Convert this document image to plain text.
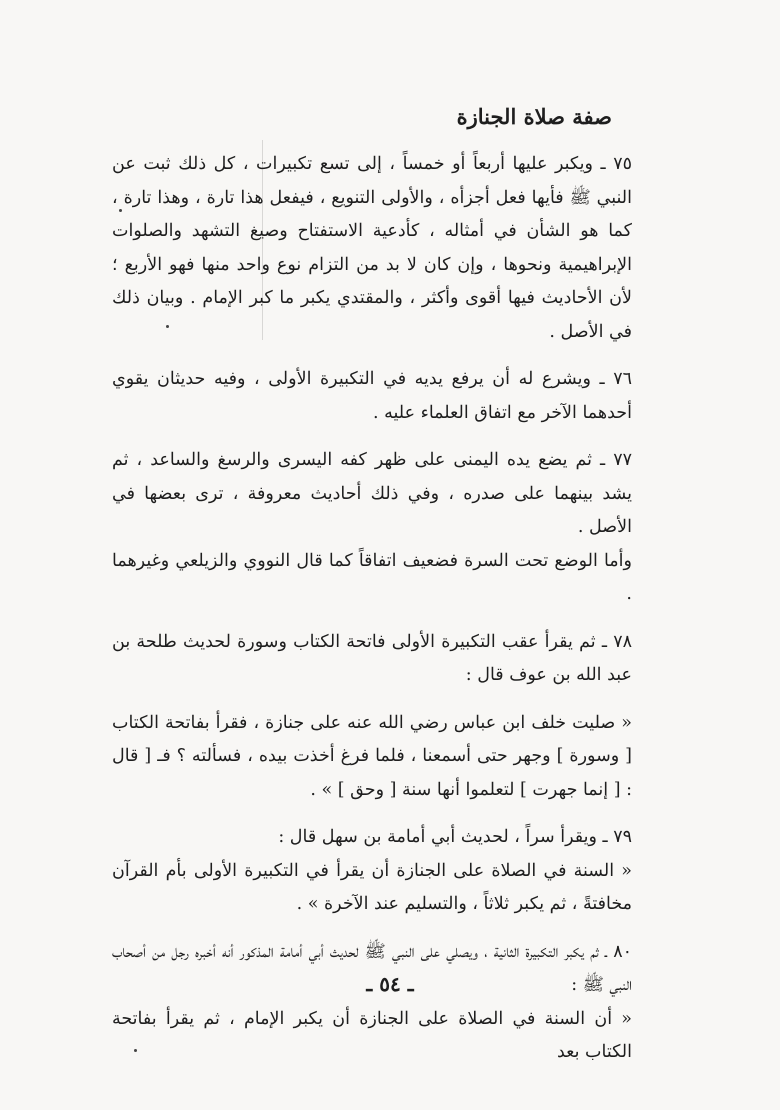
صفة صلاة الجنازة

٧٥ ـ ويكبر عليها أربعاً أو خمساً ، إلى تسع تكبيرات ، كل ذلك ثبت عن النبي ﷺ فأيها فعل أجزأه ، والأولى التنويع ، فيفعل هذا تارة ، وهذا تارة ، كما هو الشأن في أمثاله ، كأدعية الاستفتاح وصيغ التشهد والصلوات الإبراهيمية ونحوها ، وإن كان لا بد من التزام نوع واحد منها فهو الأربع ؛ لأن الأحاديث فيها أقوى وأكثر ، والمقتدي يكبر ما كبر الإمام . وبيان ذلك في الأصل .

٧٦ ـ ويشرع له أن يرفع يديه في التكبيرة الأولى ، وفيه حديثان يقوي أحدهما الآخر مع اتفاق العلماء عليه .

٧٧ ـ ثم يضع يده اليمنى على ظهر كفه اليسرى والرسغ والساعد ، ثم يشد بينهما على صدره ، وفي ذلك أحاديث معروفة ، ترى بعضها في الأصل .

وأما الوضع تحت السرة فضعيف اتفاقاً كما قال النووي والزيلعي وغيرهما .

٧٨ ـ ثم يقرأ عقب التكبيرة الأولى فاتحة الكتاب وسورة لحديث طلحة بن عبد الله بن عوف قال :

« صليت خلف ابن عباس رضي الله عنه على جنازة ، فقرأ بفاتحة الكتاب [ وسورة ] وجهر حتى أسمعنا ، فلما فرغ أخذت بيده ، فسألته ؟ فـ [ قال : [ إنما جهرت ] لتعلموا أنها سنة [ وحق ] » .

٧٩ ـ ويقرأ سراً ، لحديث أبي أمامة بن سهل قال :

« السنة في الصلاة على الجنازة أن يقرأ في التكبيرة الأولى بأم القرآن مخافتةً ، ثم يكبر ثلاثاً ، والتسليم عند الآخرة » .

٨٠ ـ ثم يكبر التكبيرة الثانية ، ويصلي على النبي ﷺ لحديث أبي أمامة المذكور أنه أخبره رجل من أصحاب النبي ﷺ :

« أن السنة في الصلاة على الجنازة أن يكبر الإمام ، ثم يقرأ بفاتحة الكتاب بعد

ـ ٥٤ ـ
